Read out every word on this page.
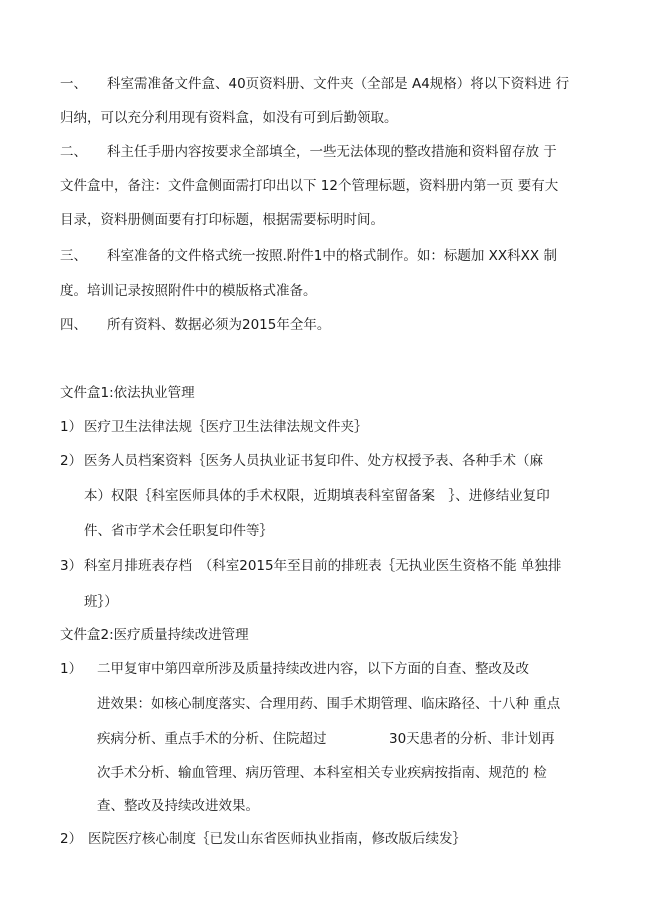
一、 科室需准备文件盒、40页资料册、文件夹（全部是 A4规格）将以下资料进 行
归纳，可以充分利用现有资料盒，如没有可到后勤领取。
二、 科主任手册内容按要求全部填全，一些无法体现的整改措施和资料留存放 于
文件盒中，备注：文件盒侧面需打印出以下 12个管理标题，资料册内第一页 要有大
目录，资料册侧面要有打印标题，根据需要标明时间。
三、 科室准备的文件格式统一按照.附件1中的格式制作。如：标题加 XX科XX 制
度。培训记录按照附件中的模版格式准备。
四、 所有资料、数据必须为2015年全年。
文件盒1:依法执业管理
1） 医疗卫生法律法规｛医疗卫生法律法规文件夹｝
2） 医务人员档案资料｛医务人员执业证书复印件、处方权授予表、各种手术（麻
本）权限｛科室医师具体的手术权限，近期填表科室留备案　｝、进修结业复印
件、省市学术会任职复印件等｝
3） 科室月排班表存档　（科室2015年至目前的排班表｛无执业医生资格不能 单独排
班｝）
文件盒2:医疗质量持续改进管理
1） 二甲复审中第四章所涉及质量持续改进内容，以下方面的自查、整改及改
进效果：如核心制度落实、合理用药、围手术期管理、临床路径、十八种 重点
疾病分析、重点手术的分析、住院超过	30天患者的分析、非计划再
次手术分析、输血管理、病历管理、本科室相关专业疾病按指南、规范的 检
查、整改及持续改进效果。
2） 医院医疗核心制度｛已发山东省医师执业指南，修改版后续发｝
